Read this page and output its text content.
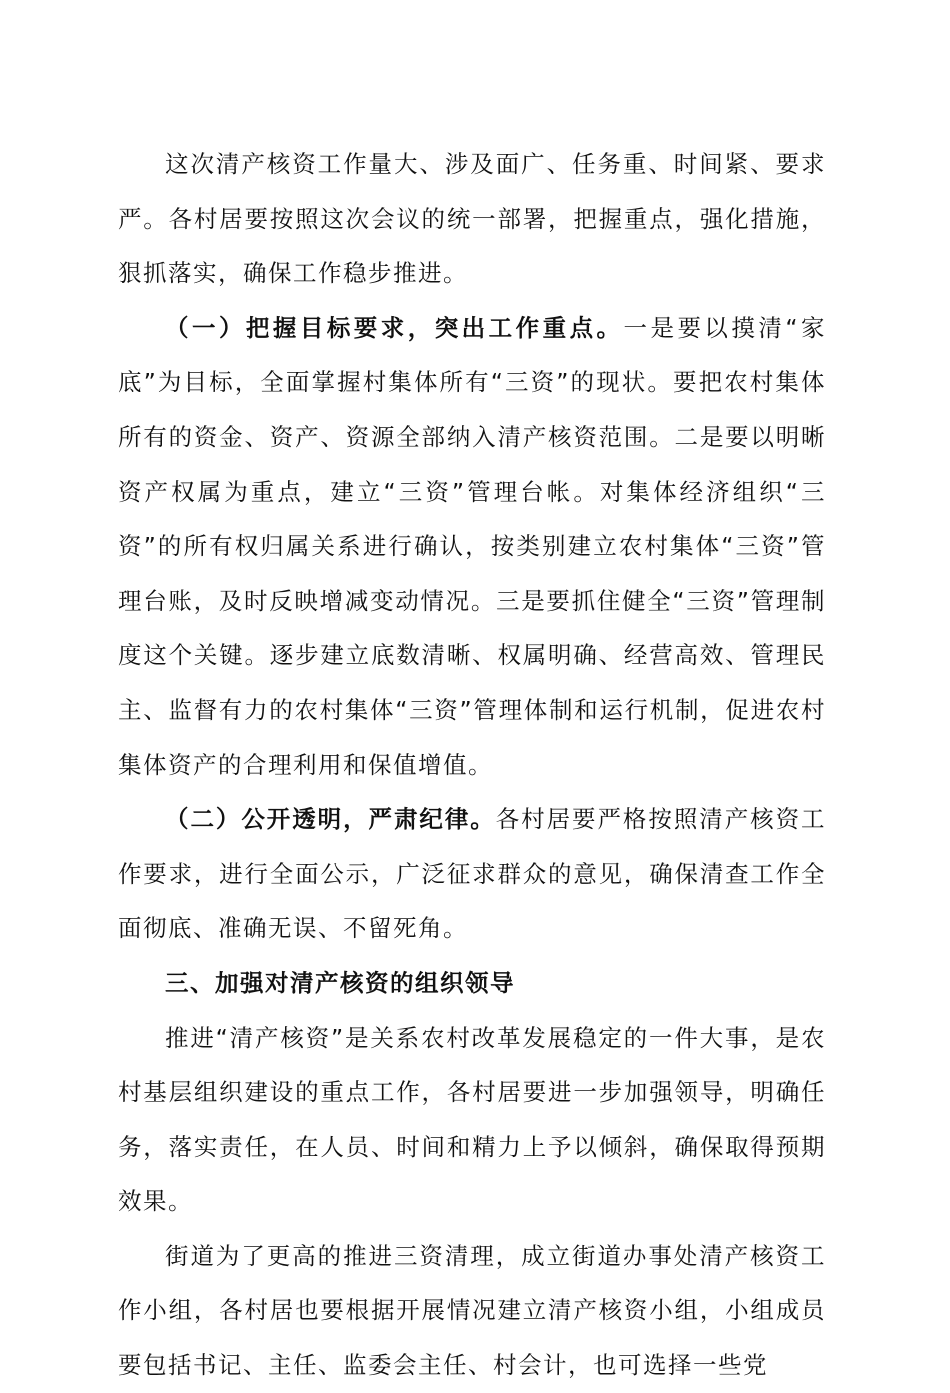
这次清产核资工作量大、涉及面广、任务重、时间紧、要求严。各村居要按照这次会议的统一部署，把握重点，强化措施，狠抓落实，确保工作稳步推进。

（一）把握目标要求，突出工作重点。一是要以摸清“家底”为目标，全面掌握村集体所有“三资”的现状。要把农村集体所有的资金、资产、资源全部纳入清产核资范围。二是要以明晰资产权属为重点，建立“三资”管理台帐。对集体经济组织“三资”的所有权归属关系进行确认，按类别建立农村集体“三资”管理台账，及时反映增减变动情况。三是要抓住健全“三资”管理制度这个关键。逐步建立底数清晰、权属明确、经营高效、管理民主、监督有力的农村集体“三资”管理体制和运行机制，促进农村集体资产的合理利用和保值增值。

（二）公开透明，严肃纪律。各村居要严格按照清产核资工作要求，进行全面公示，广泛征求群众的意见，确保清查工作全面彻底、准确无误、不留死角。

三、加强对清产核资的组织领导

推进“清产核资”是关系农村改革发展稳定的一件大事，是农村基层组织建设的重点工作，各村居要进一步加强领导，明确任务，落实责任，在人员、时间和精力上予以倾斜，确保取得预期效果。

街道为了更高的推进三资清理，成立街道办事处清产核资工作小组，各村居也要根据开展情况建立清产核资小组，小组成员要包括书记、主任、监委会主任、村会计，也可选择一些党
